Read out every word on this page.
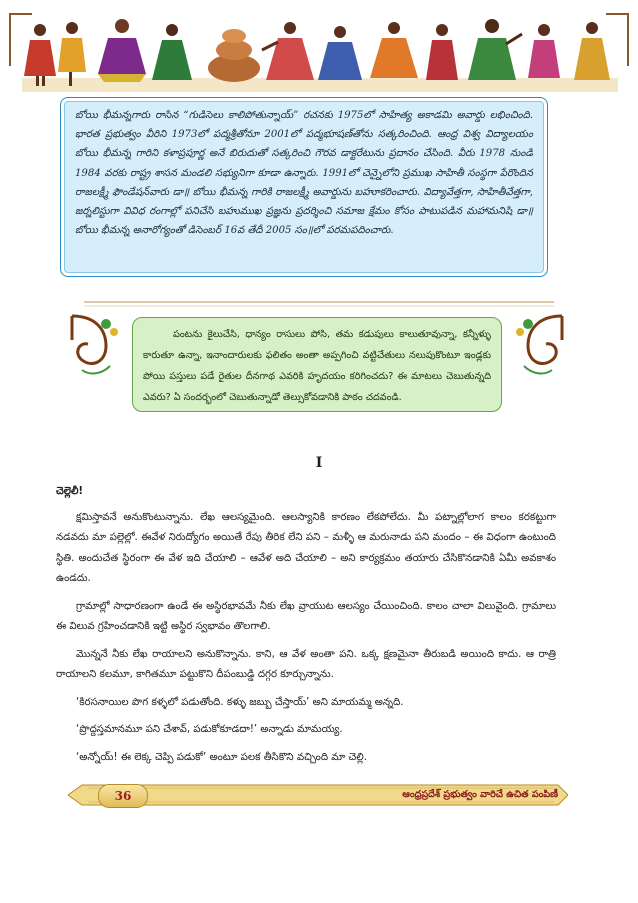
బోయి భీమన్నగారు రాసిన “గుడిసెలు కాలిపోతున్నాయ్” రచనకు 1975లో సాహిత్య అకాడమి అవార్డు లభించింది. భారత ప్రభుత్వం వీరిని 1973లో పద్మశ్రీతోనూ 2001లో పద్మభూషణ్‌తోను సత్కరించింది. ఆంధ్ర విశ్వ విద్యాలయం బోయి భీమన్న గారిని కళాప్రపూర్ణ అనే బిరుదుతో సత్కరించి గౌరవ డాక్టరేటును ప్రదానం చేసింది. వీరు 1978 నుండి 1984 వరకు రాష్ట్ర శాసన మండలి సభ్యునిగా కూడా ఉన్నారు. 1991లో చెన్నైలోని ప్రముఖ సాహితీ సంస్థగా పేరొందిన రాజలక్ష్మీ ఫౌండేషన్‌వారు డా॥ బోయి భీమన్న గారికి రాజలక్ష్మీ అవార్డును బహూకరించారు. విద్యావేత్తగా, సాహితీవేత్తగా, జర్నలిస్టుగా వివిధ రంగాల్లో పనిచేసి బహుముఖ ప్రజ్ఞను ప్రదర్శించి సమాజ క్షేమం కోసం పాటుపడిన మహామనిషి డా॥ బోయి భీమన్న అనారోగ్యంతో డిసెంబర్ 16వ తేదీ 2005 సం॥లో పరమపదించారు.
పంటను కైలుచేసి, ధాన్యం రాసులు పోసి, తమ కడుపులు కాలుతూవున్నా, కన్నీళ్ళు కారుతూ ఉన్నా, ఇనాందారులకు ఫలితం అంతా అప్పగించి వట్టిచేతులు నలుపుకొంటూ ఇండ్లకు పోయి పస్తులు పడే రైతుల దీనగాథ ఎవరికి హృదయం కరిగించదు? ఈ మాటలు చెబుతున్నది ఎవరు? ఏ సందర్భంలో చెబుతున్నాడో తెల్సుకోవడానికి పాఠం చదవండి.
I

చెల్లెలీ!

క్షమిస్తావనే అనుకొంటున్నాను. లేఖ ఆలస్యమైంది. ఆలస్యానికి కారణం లేకపోలేదు. మీ పట్నాల్లోలాగ కాలం కరకట్టుగా నడవదు మా పల్లెల్లో. ఈవేళ నిరుద్యోగం అయితే రేపు తీరిక లేని పని – మళ్ళీ ఆ మరునాడు పని మందం – ఈ విధంగా ఉంటుంది స్థితి. అందుచేత స్థిరంగా ఈ వేళ ఇది చేయాలి – ఆవేళ అది చేయాలి – అని కార్యక్రమం తయారు చేసికొనడానికి ఏమీ అవకాశం ఉండదు.

గ్రామాల్లో సాధారణంగా ఉండే ఈ అస్థిరభావమే నీకు లేఖ వ్రాయుట ఆలస్యం చేయించింది. కాలం చాలా విలువైంది. గ్రామాలు ఈ విలువ గ్రహించడానికి ఇట్టి అస్థిర స్వభావం తొలగాలి.

మొన్ననే నీకు లేఖ రాయాలని అనుకొన్నాను. కాని, ఆ వేళ అంతా పని. ఒక్క క్షణమైనా తీరుబడి అయింది కాదు. ఆ రాత్రి రాయాలని కలమూ, కాగితమూ పట్టుకొని దీపంబుడ్డి దగ్గర కూర్చున్నాను.

‘కిరసనాయిల పొగ కళ్ళలో పడుతోంది. కళ్ళు జబ్బు చేస్తాయ్’ అని మాయమ్మ అన్నది.

‘ప్రొద్దస్తమానమూ పని చేశావ్, పడుకోకూడదా!’ అన్నాడు మామయ్య.

‘అన్నోయ్! ఈ లెక్క చెప్పి పడుకో’ అంటూ పలక తీసికొని వచ్చింది మా చెల్లి.

36	ఆంధ్రప్రదేశ్ ప్రభుత్వం వారిచే ఉచిత పంపిణీ
